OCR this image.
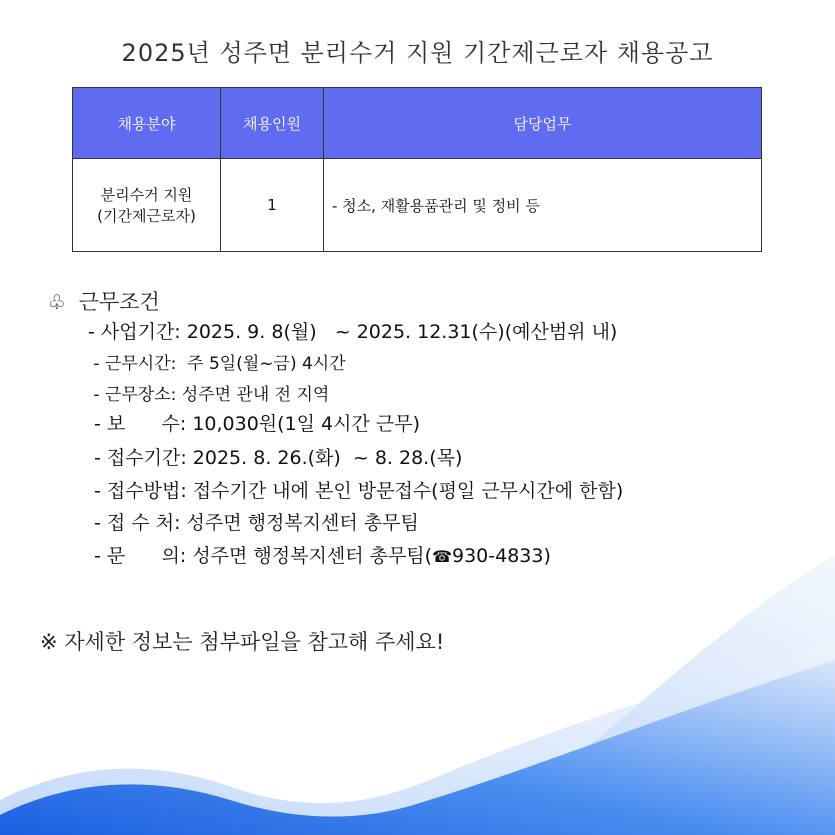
2025년 성주면 분리수거 지원 기간제근로자 채용공고
채용분야	채용인원	담당업무

분리수거 지원
(기간제근로자)	1	- 청소, 재활용품관리 및 정비 등
♧ 근무조건
- 사업기간: 2025. 9. 8(월)   ~ 2025. 12.31(수)(예산범위 내)
- 근무시간:  주 5일(월~금) 4시간
- 근무장소: 성주면 관내 전 지역
- 보      수: 10,030원(1일 4시간 근무)
- 접수기간: 2025. 8. 26.(화)  ~ 8. 28.(목)
- 접수방법: 접수기간 내에 본인 방문접수(평일 근무시간에 한함)
- 접 수 처: 성주면 행정복지센터 총무팀
- 문      의: 성주면 행정복지센터 총무팀(☎930-4833)
※ 자세한 정보는 첨부파일을 참고해 주세요!
